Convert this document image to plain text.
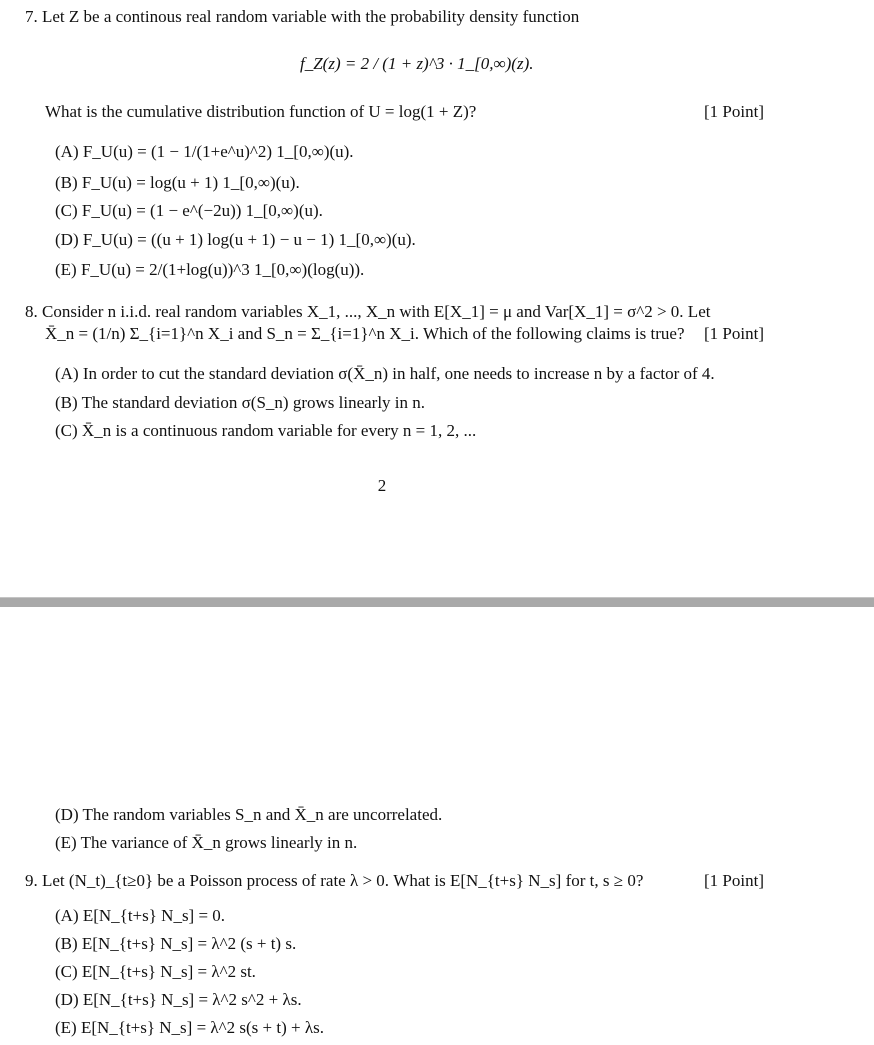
7. Let Z be a continous real random variable with the probability density function
f_Z(z) = 2 / (1 + z)^3 · 1_[0,∞)(z).
What is the cumulative distribution function of U = log(1 + Z)?	[1 Point]
(A) F_U(u) = (1 − 1/(1+e^u)^2) 1_[0,∞)(u).
(B) F_U(u) = log(u + 1) 1_[0,∞)(u).
(C) F_U(u) = (1 − e^(−2u)) 1_[0,∞)(u).
(D) F_U(u) = ((u + 1) log(u + 1) − u − 1) 1_[0,∞)(u).
(E) F_U(u) = 2/(1+log(u))^3 1_[0,∞)(log(u)).
8. Consider n i.i.d. real random variables X_1, ..., X_n with E[X_1] = μ and Var[X_1] = σ^2 > 0. Let
X̄_n = (1/n) Σ_{i=1}^n X_i and S_n = Σ_{i=1}^n X_i. Which of the following claims is true? [1 Point]
(A) In order to cut the standard deviation σ(X̄_n) in half, one needs to increase n by a factor of 4.
(B) The standard deviation σ(S_n) grows linearly in n.
(C) X̄_n is a continuous random variable for every n = 1, 2, ...
2
(D) The random variables S_n and X̄_n are uncorrelated.
(E) The variance of X̄_n grows linearly in n.
9. Let (N_t)_{t≥0} be a Poisson process of rate λ > 0. What is E[N_{t+s} N_s] for t, s ≥ 0?	[1 Point]
(A) E[N_{t+s} N_s] = 0.
(B) E[N_{t+s} N_s] = λ^2 (s + t) s.
(C) E[N_{t+s} N_s] = λ^2 st.
(D) E[N_{t+s} N_s] = λ^2 s^2 + λs.
(E) E[N_{t+s} N_s] = λ^2 s(s + t) + λs.
